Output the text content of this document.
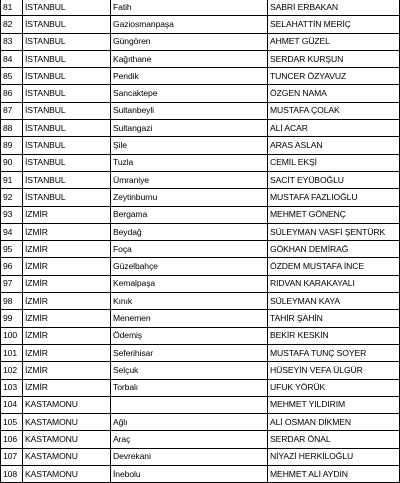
81	İSTANBUL	Fatih	SABRİ ERBAKAN
82	İSTANBUL	Gaziosmanpaşa	SELAHATTİN MERİÇ
83	İSTANBUL	Güngören	AHMET GÜZEL
84	İSTANBUL	Kağıthane	SERDAR KURŞUN
85	İSTANBUL	Pendik	TUNCER ÖZYAVUZ
86	İSTANBUL	Sancaktepe	ÖZGEN NAMA
87	İSTANBUL	Sultanbeyli	MUSTAFA ÇOLAK
88	İSTANBUL	Sultangazi	ALİ ACAR
89	İSTANBUL	Şile	ARAS ASLAN
90	İSTANBUL	Tuzla	CEMİL EKŞİ
91	İSTANBUL	Ümraniye	SACİT EYÜBOĞLU
92	İSTANBUL	Zeytinburnu	MUSTAFA FAZLIOĞLU
93	İZMİR	Bergama	MEHMET GÖNENÇ
94	İZMİR	Beydağ	SÜLEYMAN VASFİ ŞENTÜRK
95	İZMİR	Foça	GÖKHAN DEMİRAĞ
96	İZMİR	Güzelbahçe	ÖZDEM MUSTAFA İNCE
97	İZMİR	Kemalpaşa	RIDVAN KARAKAYALI
98	İZMİR	Kınık	SÜLEYMAN KAYA
99	İZMİR	Menemen	TAHİR ŞAHİN
100	İZMİR	Ödemiş	BEKİR KESKİN
101	İZMİR	Seferihisar	MUSTAFA TUNÇ SOYER
102	İZMİR	Selçuk	HÜSEYİN VEFA ÜLGÜR
103	İZMİR	Torbalı	UFUK YÖRÜK
104	KASTAMONU		MEHMET YILDIRIM
105	KASTAMONU	Ağlı	ALİ OSMAN DİKMEN
106	KASTAMONU	Araç	SERDAR ÖNAL
107	KASTAMONU	Devrekani	NİYAZİ HERKİLOĞLU
108	KASTAMONU	İnebolu	MEHMET ALİ AYDIN
